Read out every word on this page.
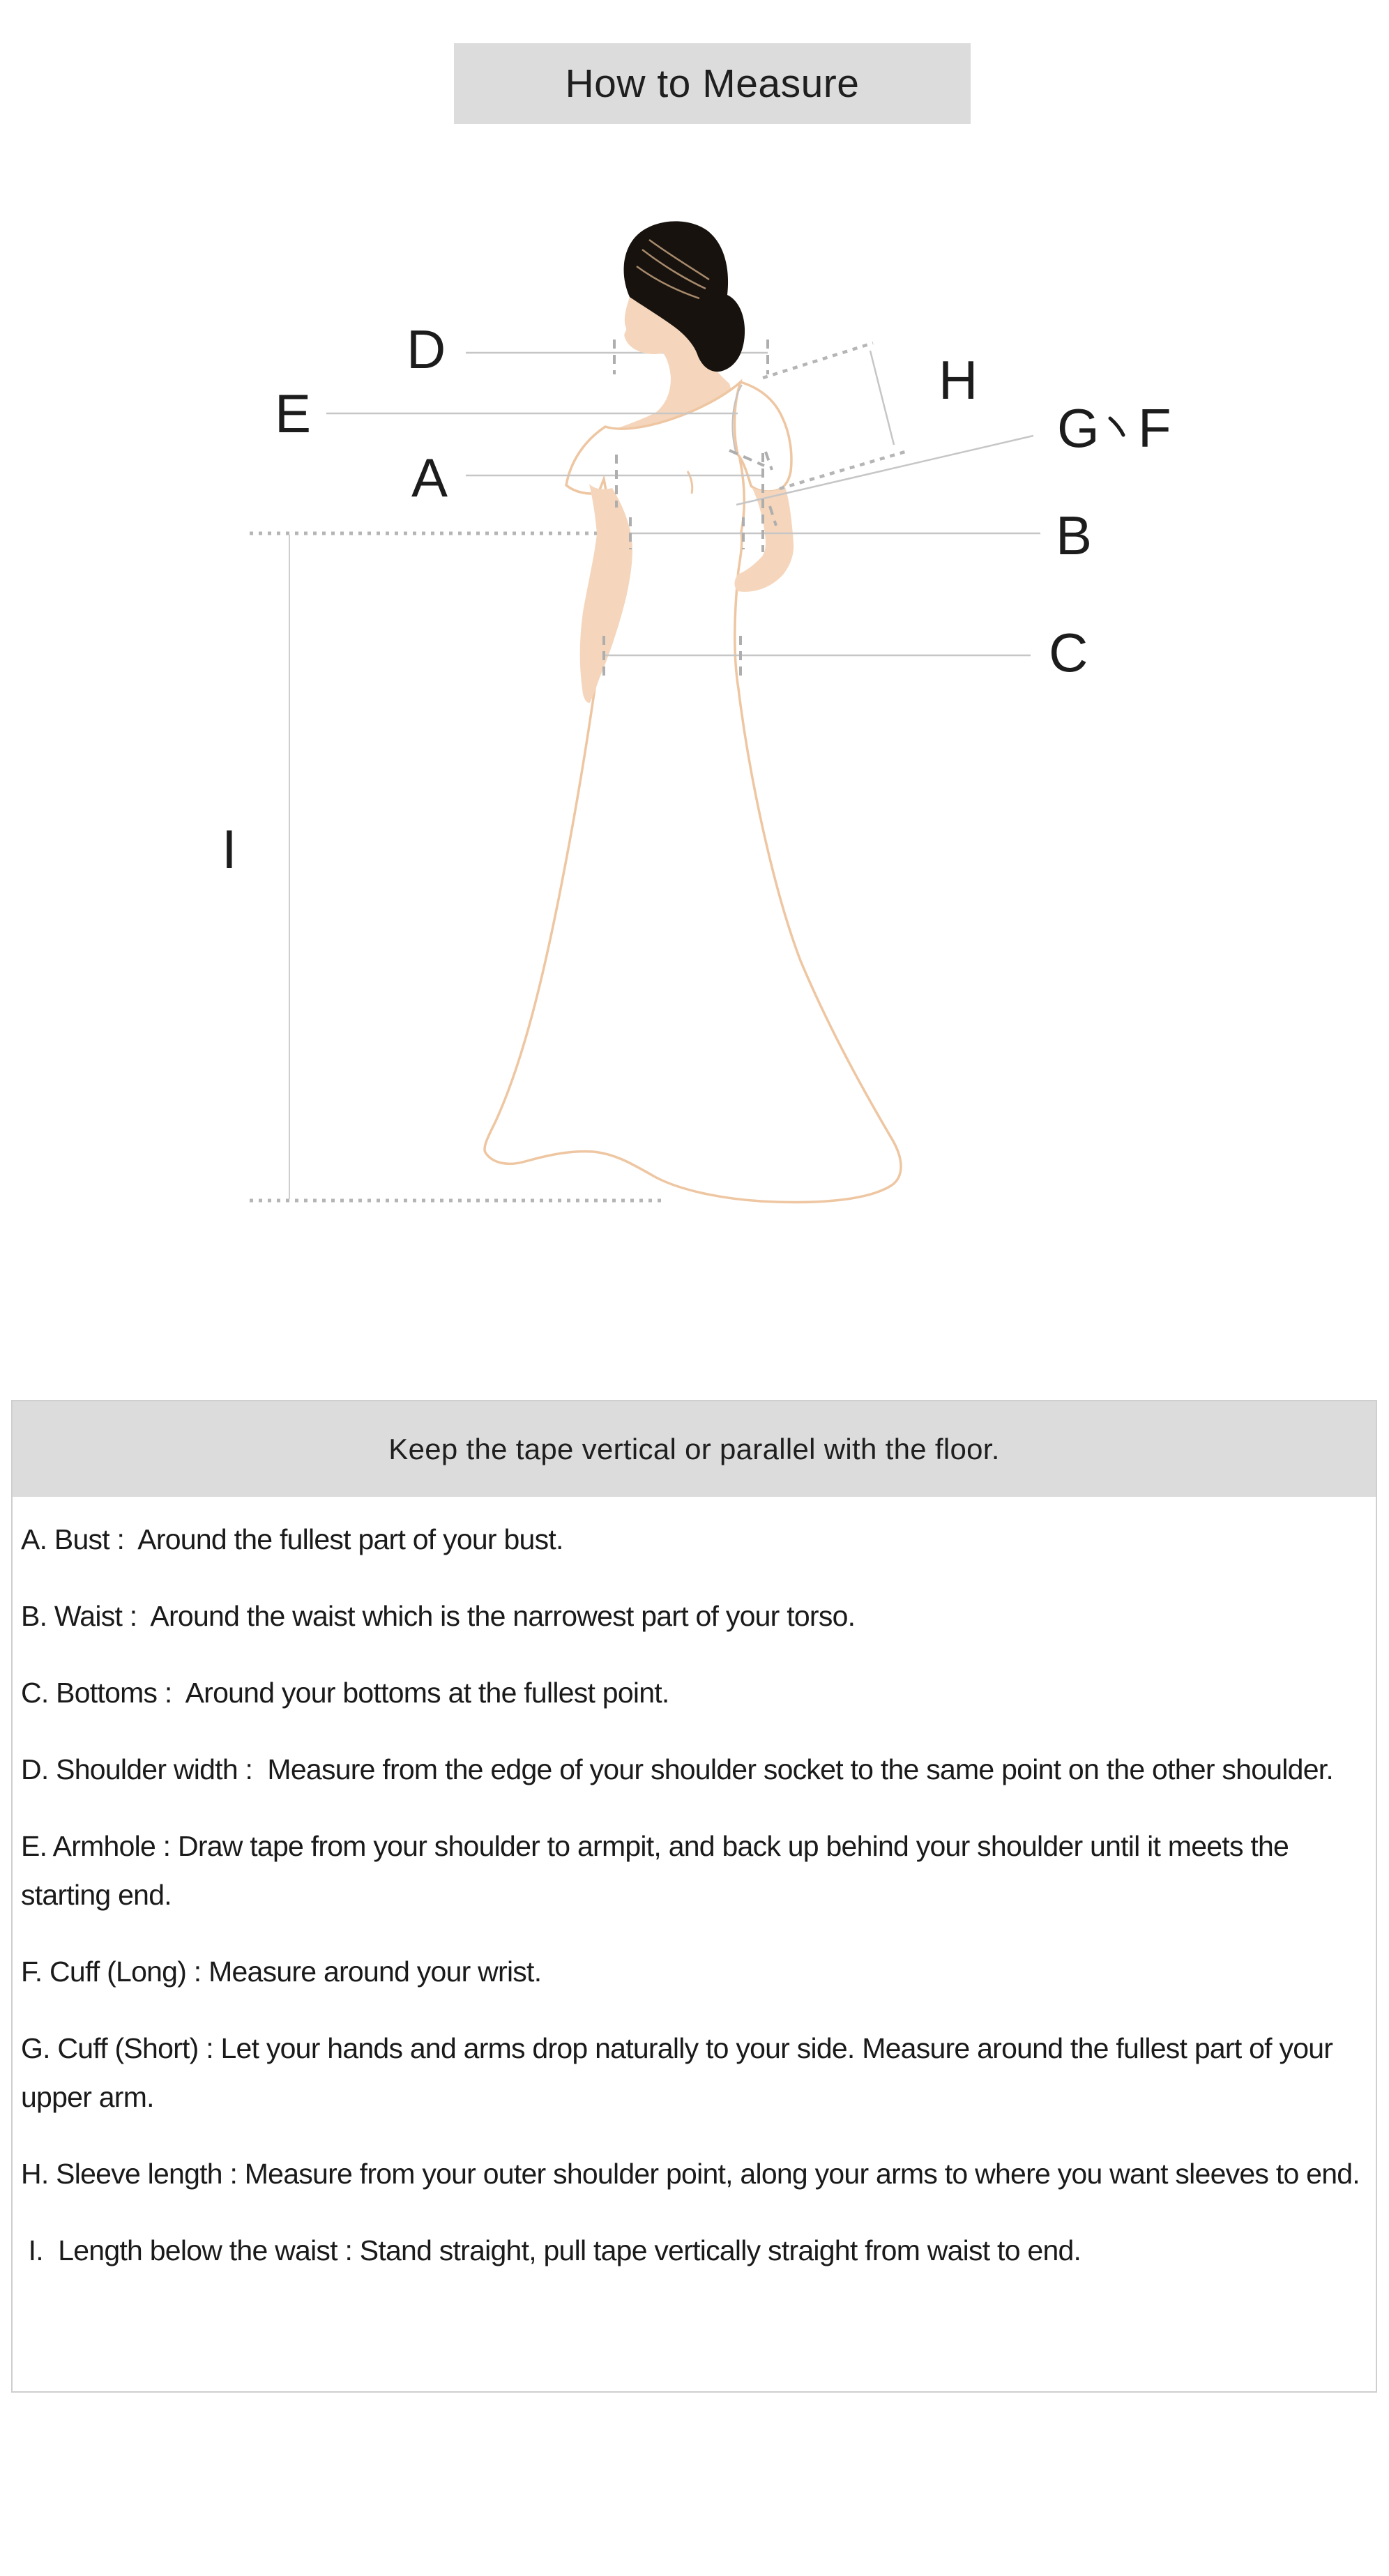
How to Measure
D
E
A
H
G F
B
C
I
Keep the tape vertical or parallel with the floor.

A. Bust :  Around the fullest part of your bust.

B. Waist :  Around the waist which is the narrowest part of your torso.

C. Bottoms :  Around your bottoms at the fullest point.

D. Shoulder width :  Measure from the edge of your shoulder socket to the same point on the other shoulder.

E. Armhole : Draw tape from your shoulder to armpit, and back up behind your shoulder until it meets the starting end.

F. Cuff (Long) : Measure around your wrist.

G. Cuff (Short) : Let your hands and arms drop naturally to your side. Measure around the fullest part of your upper arm.

H. Sleeve length : Measure from your outer shoulder point, along your arms to where you want sleeves to end.

I.  Length below the waist : Stand straight, pull tape vertically straight from waist to end.
